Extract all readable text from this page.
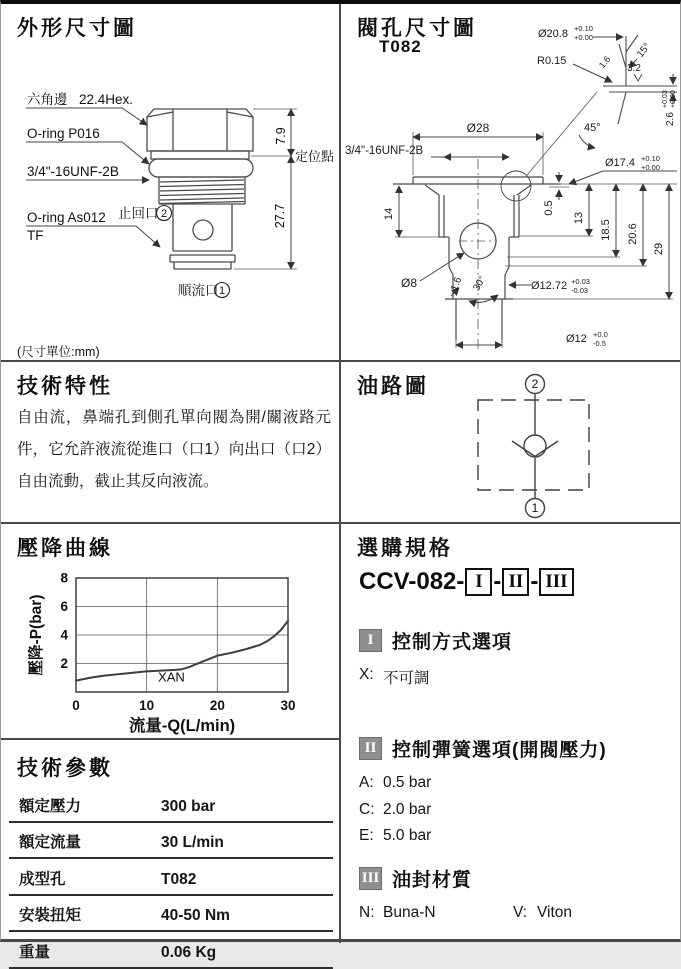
外形尺寸圖
六角邊 22.4Hex.
O-ring P016
3/4"-16UNF-2B
O-ring As012
TF
止回口
順流口
定位點
7.9
27.7
(尺寸單位:mm)
2
1
閥孔尺寸圖
T082
Ø28
3/4"-16UNF-2B
14	0.5
13
18.5 20.6
29
Ø17.4 +0.10
+0.00
45°
Ø8	1.6 30°	Ø12.72 +0.03
-0.03
Ø12 +0.0
-0.5
Ø20.8 +0.10
+0.00
R0.15
15°
1.6 3.2
2.6
+0.03 +0.00
技術特性
自由流，鼻端孔到側孔單向閥為開/關液路元件，它允許液流從進口（口1）向出口（口2）自由流動，截止其反向液流。
油路圖	2
1
壓降曲線
0	10	20	30
2
4
6
8
XAN
流量-Q(L/min)
壓降-P(bar)
技術參數
額定壓力	300 bar
額定流量	30 L/min
成型孔	T082
安裝扭矩	40-50 Nm
重量	0.06 Kg
選購規格
CCV-082 - I - II - III
I 控制方式選項
X: 不可調
II 控制彈簧選項(開閥壓力)
A: 0.5 bar
C: 2.0 bar
E: 5.0 bar
III 油封材質
N: Buna-N	V: Viton
